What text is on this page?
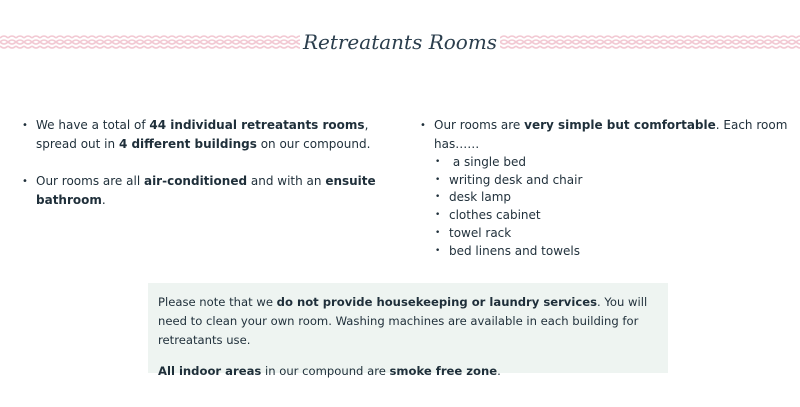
Retreatants Rooms
• We have a total of 44 individual retreatants rooms, spread out in 4 different buildings on our compound.
• Our rooms are all air-conditioned and with an ensuite bathroom.
• Our rooms are very simple but comfortable. Each room has……
• a single bed
• writing desk and chair
• desk lamp
• clothes cabinet
• towel rack
• bed linens and towels

Please note that we do not provide housekeeping or laundry services. You will need to clean your own room. Washing machines are available in each building for retreatants use.

All indoor areas in our compound are smoke free zone.
